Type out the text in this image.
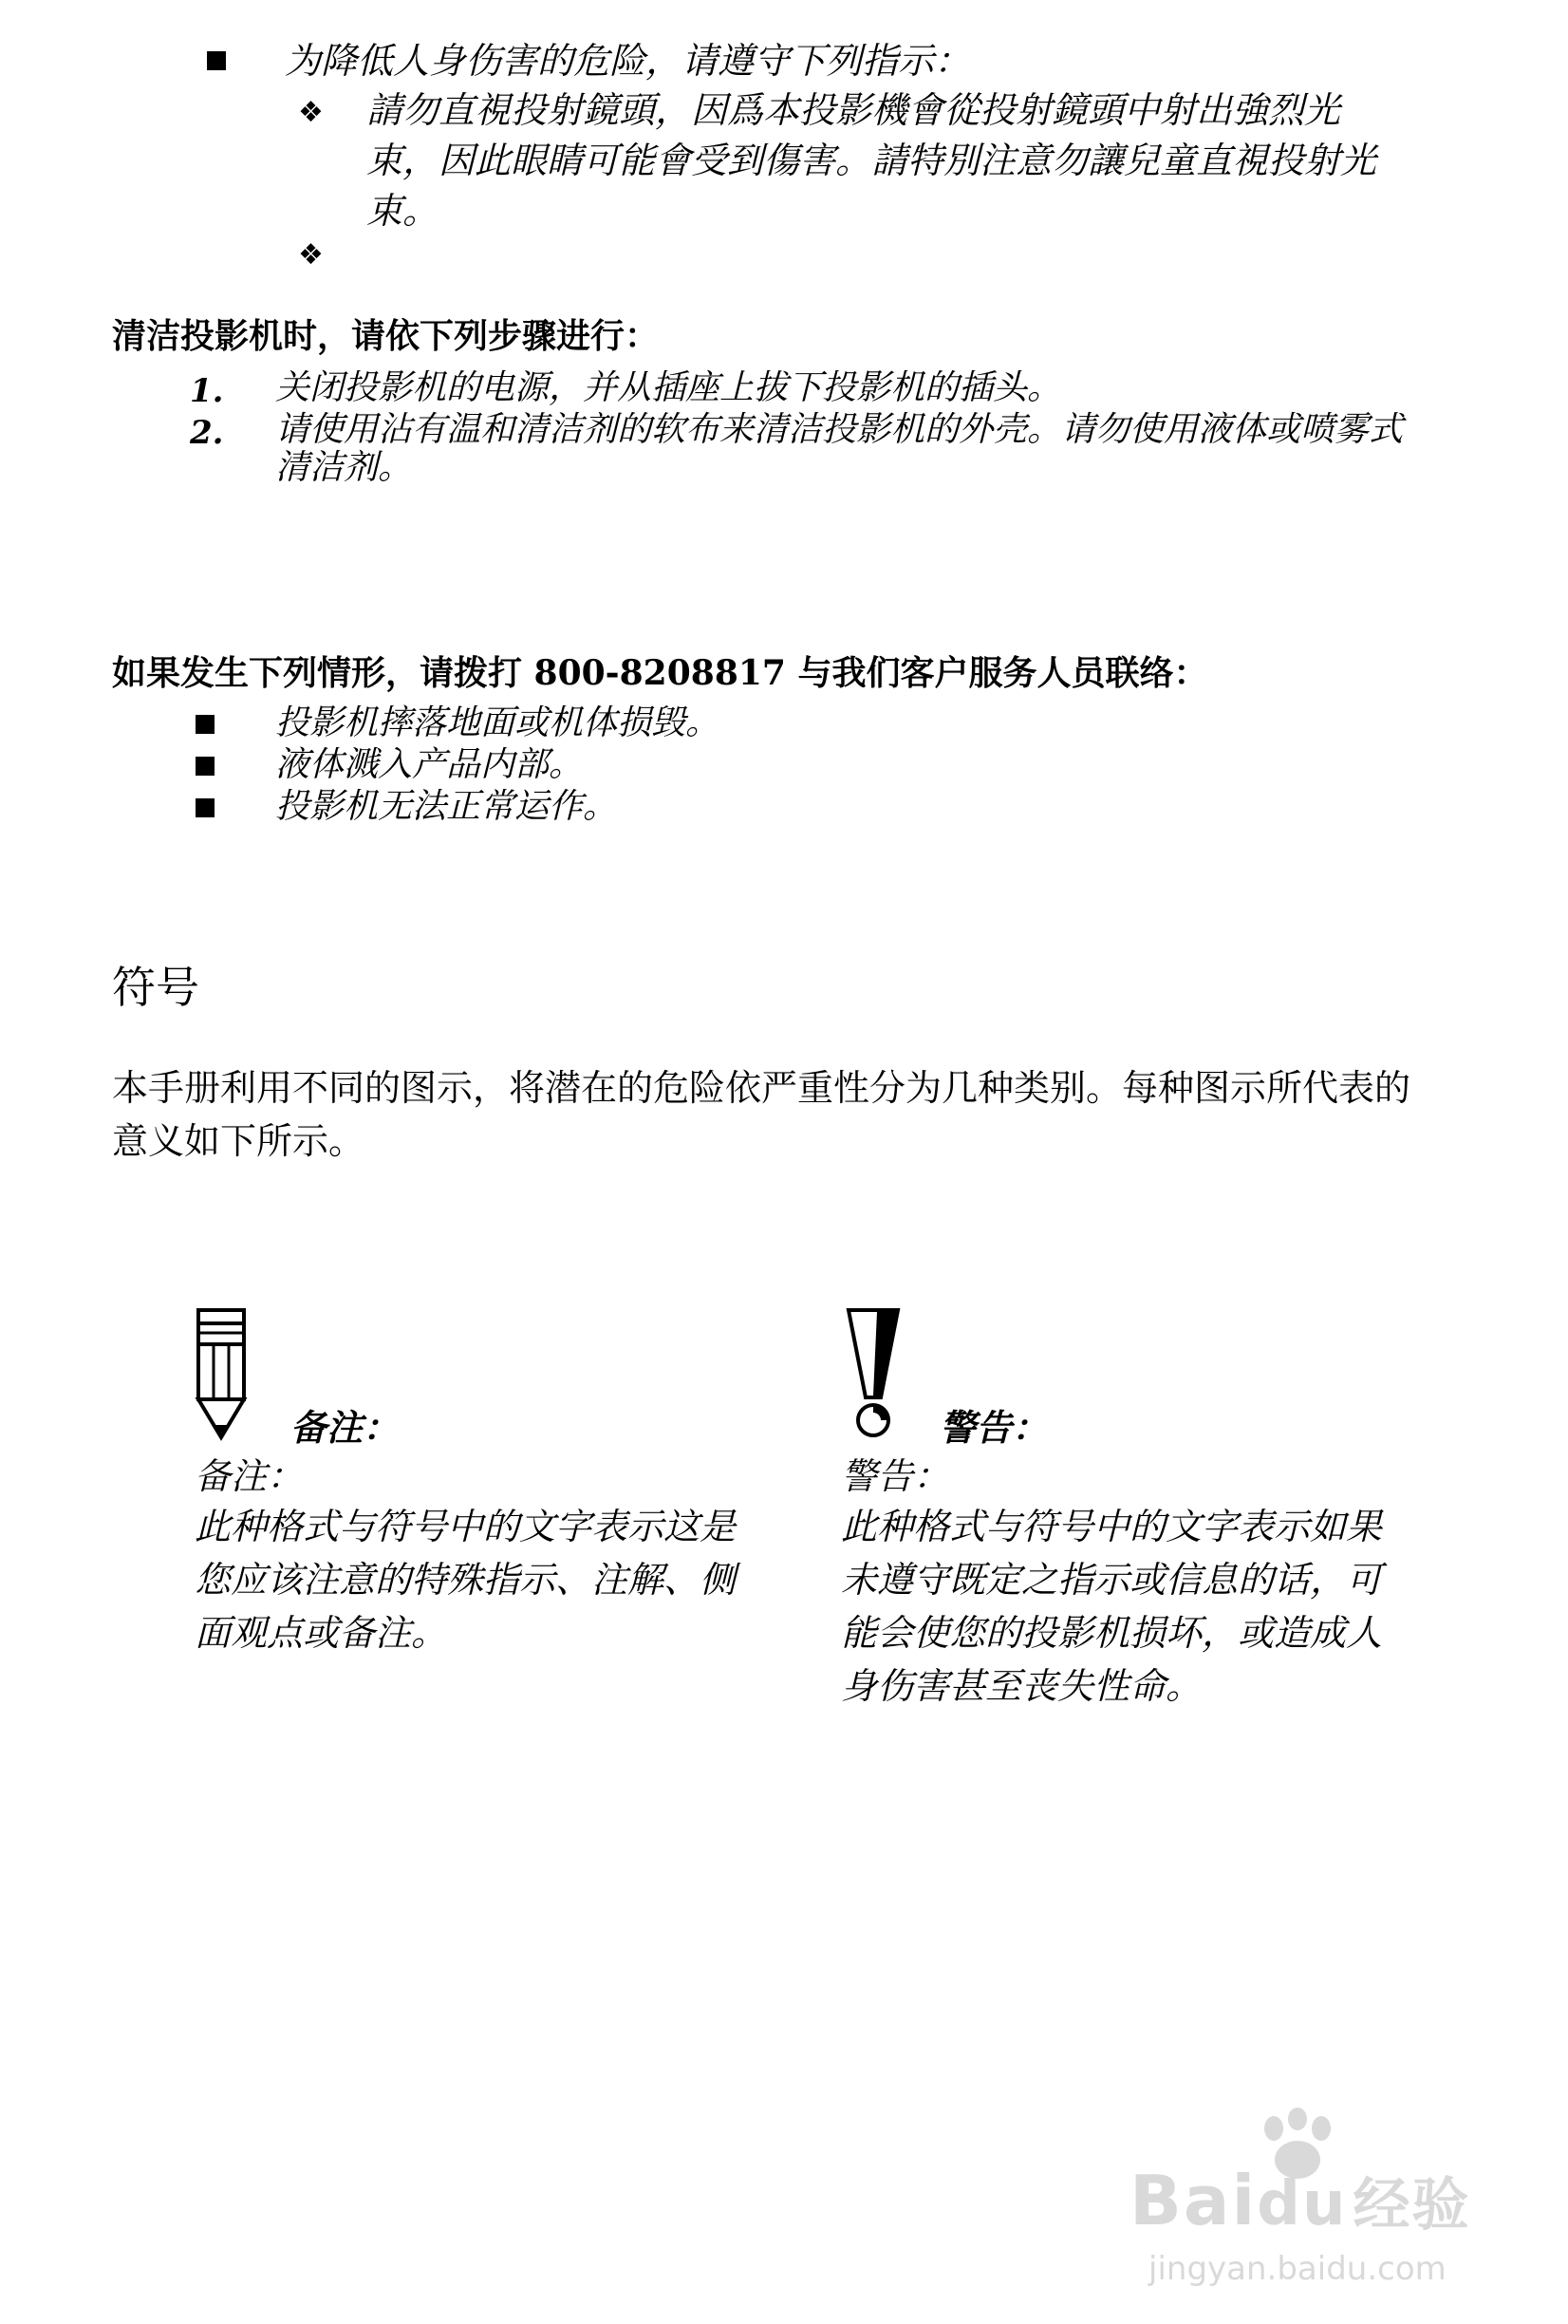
为降低人身伤害的危险，请遵守下列指示：
❖ 請勿直視投射鏡頭，因爲本投影機會從投射鏡頭中射出強烈光束，因此眼睛可能會受到傷害。請特別注意勿讓兒童直視投射光束。
❖
清洁投影机时，请依下列步骤进行：
1. 关闭投影机的电源，并从插座上拔下投影机的插头。
2. 请使用沾有温和清洁剂的软布来清洁投影机的外壳。请勿使用液体或喷雾式清洁剂。
如果发生下列情形，请拨打 800-8208817 与我们客户服务人员联络：
投影机摔落地面或机体损毁。
液体溅入产品内部。
投影机无法正常运作。
符号
本手册利用不同的图示，将潜在的危险依严重性分为几种类别。每种图示所代表的意义如下所示。
备注：
备注：
此种格式与符号中的文字表示这是您应该注意的特殊指示、注解、侧面观点或备注。
警告：
警告：
此种格式与符号中的文字表示如果未遵守既定之指示或信息的话，可能会使您的投影机损坏，或造成人身伤害甚至丧失性命。
Baidu 经验
jingyan.baidu.com
